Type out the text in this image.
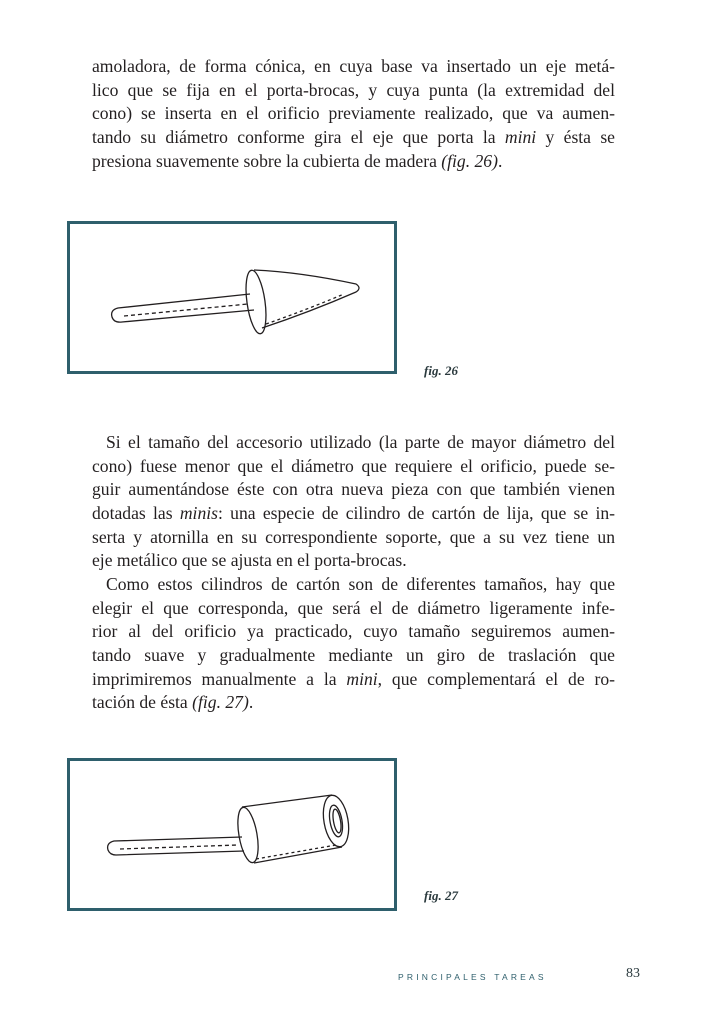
amoladora, de forma cónica, en cuya base va insertado un eje metá-
lico que se fija en el porta-brocas, y cuya punta (la extremidad del
cono) se inserta en el orificio previamente realizado, que va aumen-
tando su diámetro conforme gira el eje que porta la mini y ésta se
presiona suavemente sobre la cubierta de madera (fig. 26).
fig. 26
Si el tamaño del accesorio utilizado (la parte de mayor diámetro del
cono) fuese menor que el diámetro que requiere el orificio, puede se-
guir aumentándose éste con otra nueva pieza con que también vienen
dotadas las minis: una especie de cilindro de cartón de lija, que se in-
serta y atornilla en su correspondiente soporte, que a su vez tiene un
eje metálico que se ajusta en el porta-brocas.
Como estos cilindros de cartón son de diferentes tamaños, hay que
elegir el que corresponda, que será el de diámetro ligeramente infe-
rior al del orificio ya practicado, cuyo tamaño seguiremos aumen-
tando suave y gradualmente mediante un giro de traslación que
imprimiremos manualmente a la mini, que complementará el de ro-
tación de ésta (fig. 27).
fig. 27
PRINCIPALES TAREAS	83
